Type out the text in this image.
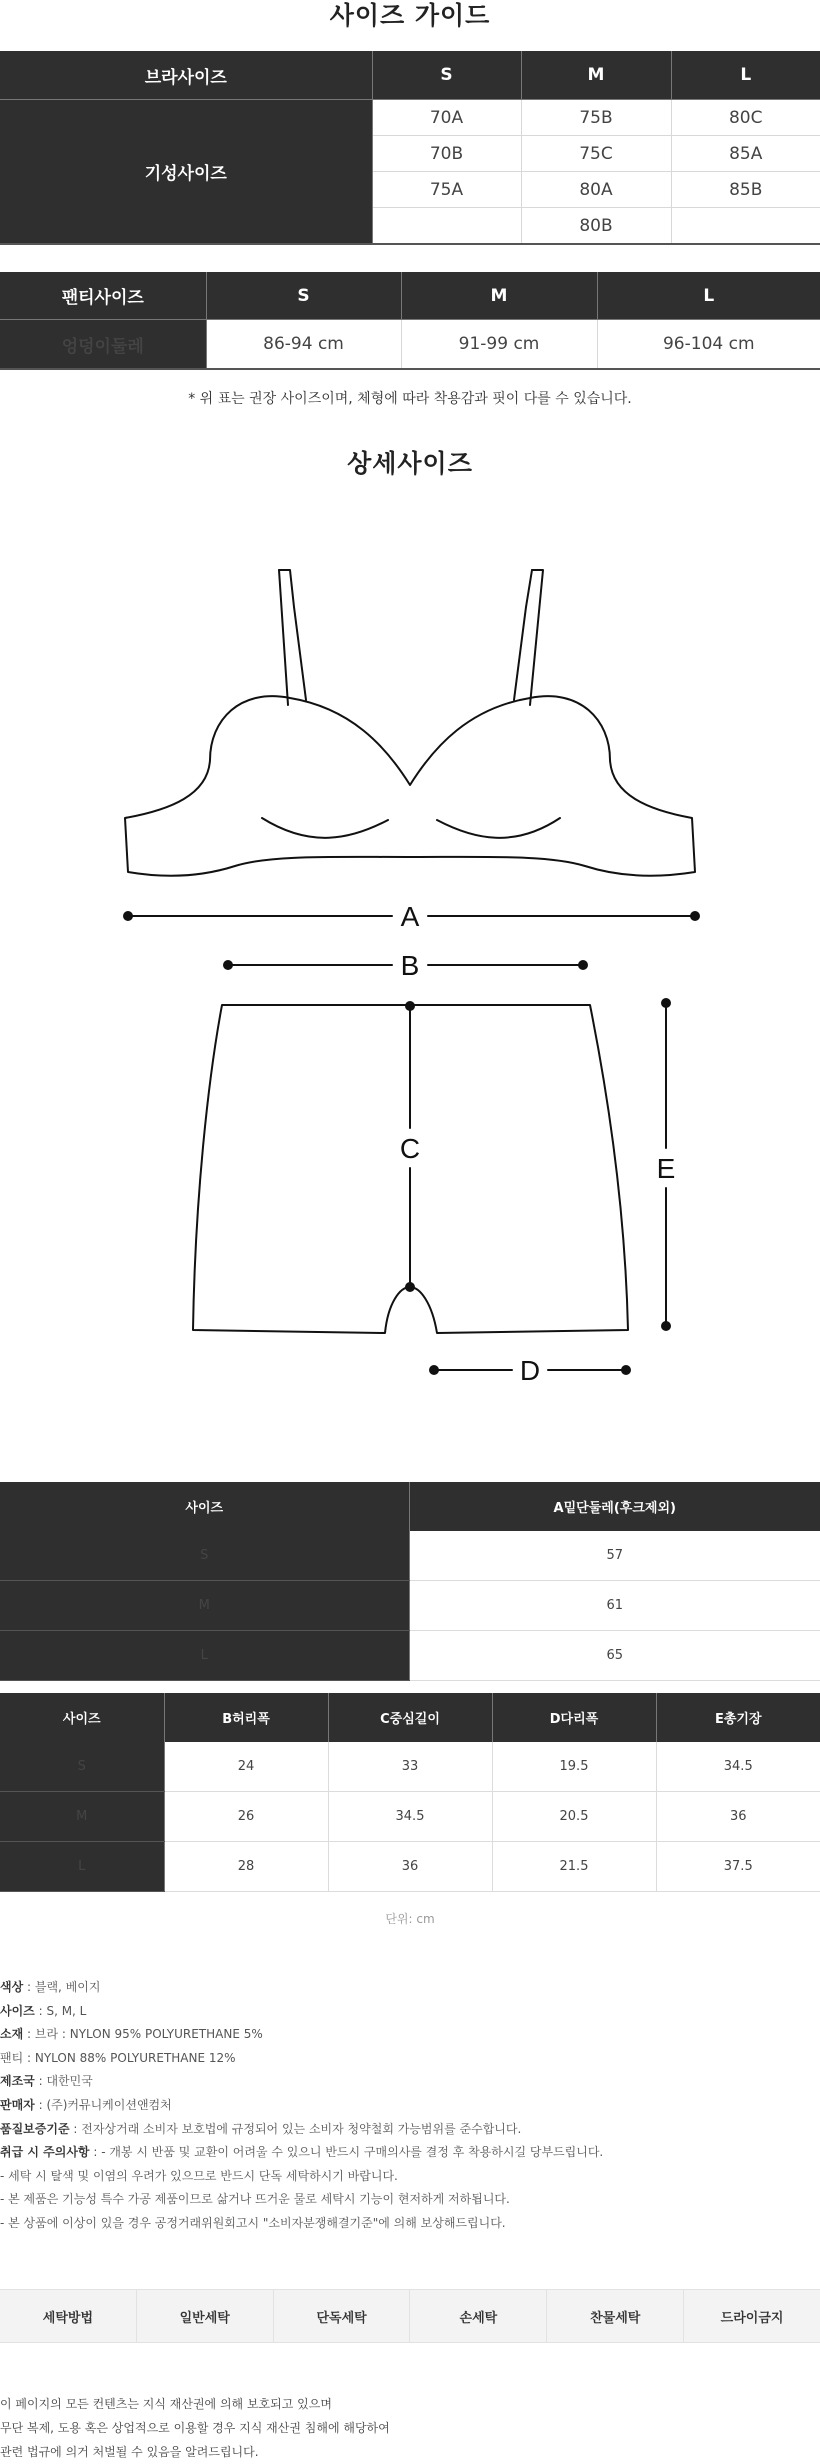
사이즈 가이드
브라사이즈	S	M	L
기성사이즈	70A	75B	80C
	70B	75C	85A
	75A	80A	85B
		80B	
팬티사이즈	S	M	L
엉덩이둘레	86-94 cm	91-99 cm	96-104 cm
* 위 표는 권장 사이즈이며, 체형에 따라 착용감과 핏이 다를 수 있습니다.
상세사이즈
A
B
C
E
D
사이즈	A밑단둘레(후크제외)
S	57
M	61
L	65
사이즈	B허리폭	C중심길이	D다리폭	E총기장
S	24	33	19.5	34.5
M	26	34.5	20.5	36
L	28	36	21.5	37.5
단위: cm

색상 : 블랙, 베이지

사이즈 : S, M, L

소재 : 브라 : NYLON 95% POLYURETHANE 5%

팬티 : NYLON 88% POLYURETHANE 12%

제조국 : 대한민국

판매자 : (주)커뮤니케이션앤컴처

품질보증기준 : 전자상거래 소비자 보호법에 규정되어 있는 소비자 청약철회 가능범위를 준수합니다.

취급 시 주의사항 : - 개봉 시 반품 및 교환이 어려울 수 있으니 반드시 구매의사를 결정 후 착용하시길 당부드립니다.

- 세탁 시 탈색 및 이염의 우려가 있으므로 반드시 단독 세탁하시기 바랍니다.

- 본 제품은 기능성 특수 가공 제품이므로 삶거나 뜨거운 물로 세탁시 기능이 현저하게 저하됩니다.

- 본 상품에 이상이 있을 경우 공정거래위원회고시 "소비자분쟁해결기준"에 의해 보상해드립니다.

세탁방법	일반세탁	단독세탁	손세탁	찬물세탁	드라이금지

이 페이지의 모든 컨텐츠는 지식 재산권에 의해 보호되고 있으며

무단 복제, 도용 혹은 상업적으로 이용할 경우 지식 재산권 침해에 해당하여

관련 법규에 의거 처벌될 수 있음을 알려드립니다.
